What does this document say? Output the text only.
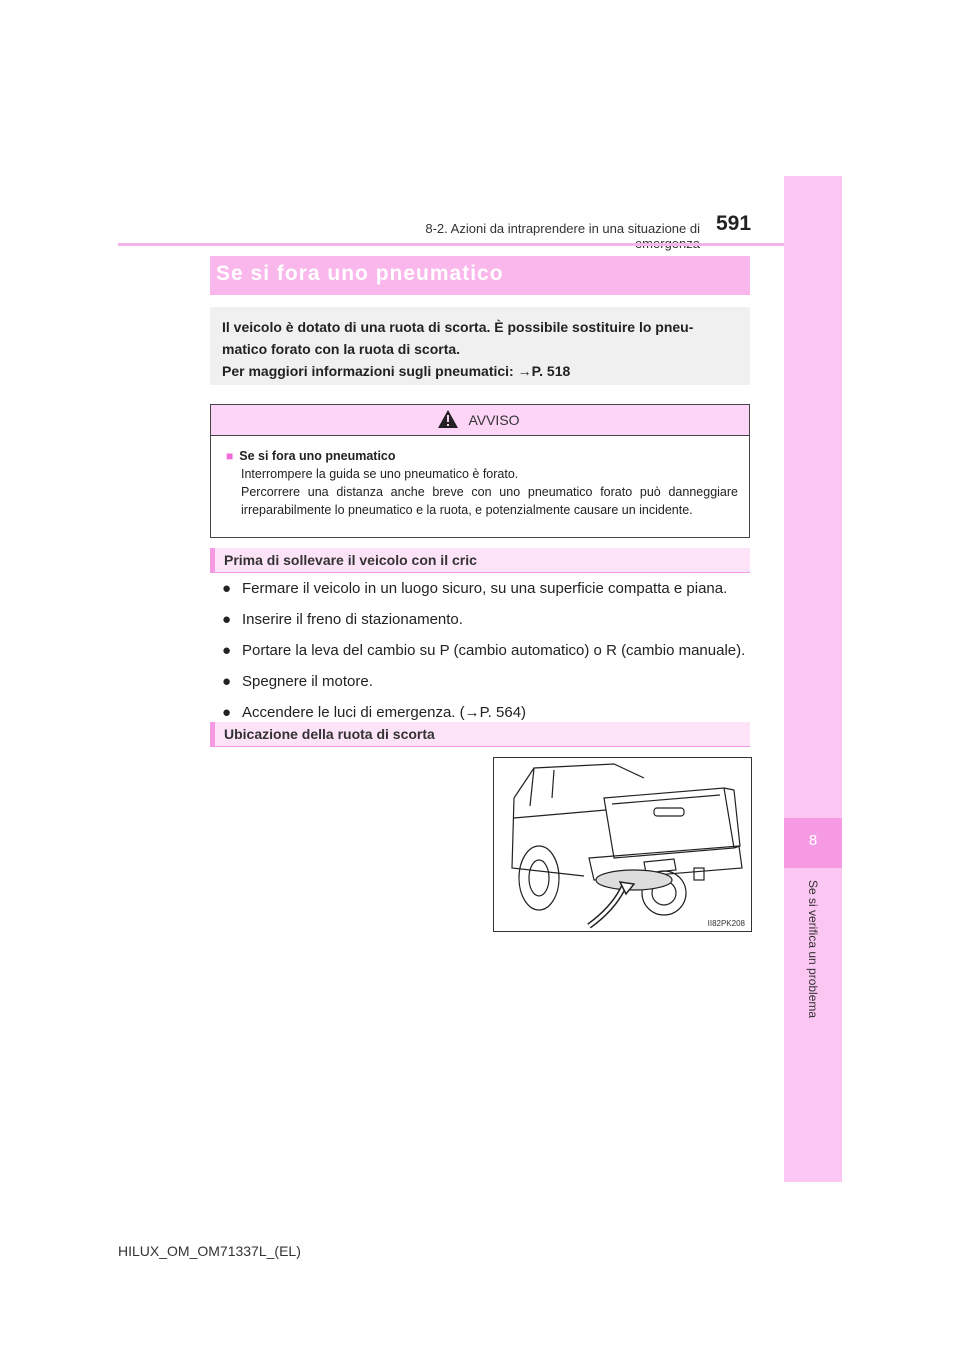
8-2. Azioni da intraprendere in una situazione di 591
8
Se si verifica un problema
Se si fora uno pneumatico
Il veicolo è dotato di una ruota di scorta. È possibile sostituire lo pneu-
matico forato con la ruota di scorta.
Per maggiori informazioni sugli pneumatici: →P. 518
AVVISO
■ Se si fora uno pneumatico
Interrompere la guida se uno pneumatico è forato.
Percorrere una distanza anche breve con uno pneumatico forato può danneggiare irreparabilmente lo pneumatico e la ruota, e potenzialmente causare un incidente.
Prima di sollevare il veicolo con il cric
● Fermare il veicolo in un luogo sicuro, su una superficie compatta e piana.
● Inserire il freno di stazionamento.
● Portare la leva del cambio su P (cambio automatico) o R (cambio manuale).
● Spegnere il motore.
● Accendere le luci di emergenza. (→P. 564)
Ubicazione della ruota di scorta
II82PK208
HILUX_OM_OM71337L_(EL)
